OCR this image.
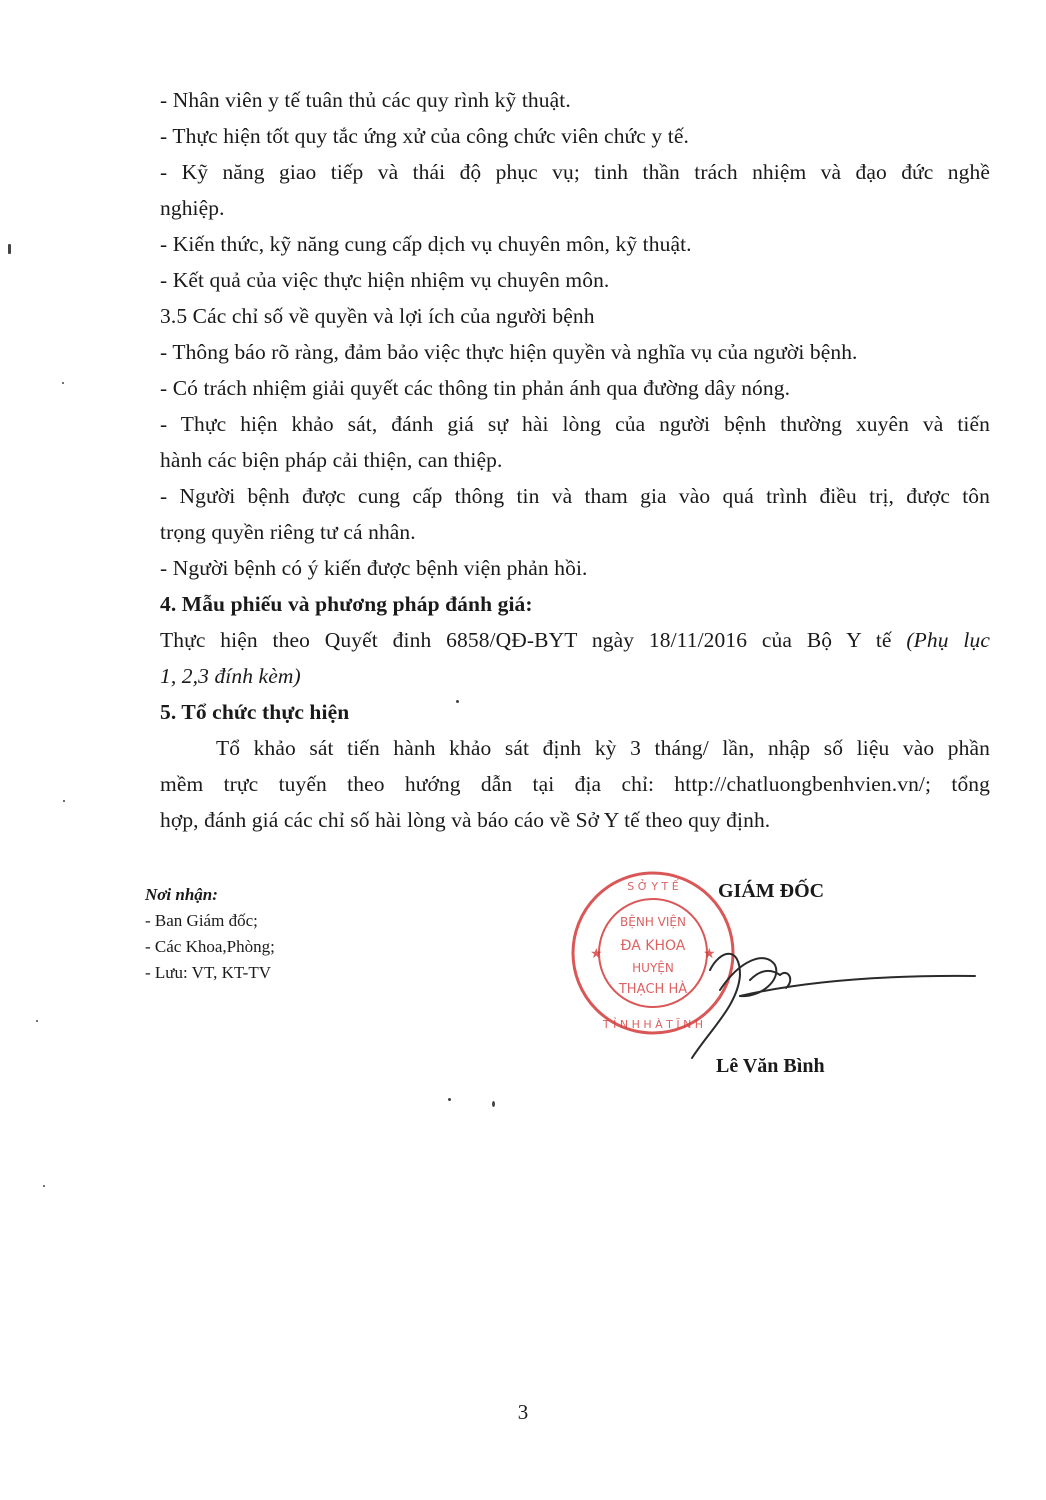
- Nhân viên y tế tuân thủ các quy rình kỹ thuật.
- Thực hiện tốt quy tắc ứng xử của công chức viên chức y tế.
- Kỹ năng giao tiếp và thái độ phục vụ; tinh thần trách nhiệm và đạo đức nghề
nghiệp.
- Kiến thức, kỹ năng cung cấp dịch vụ chuyên môn, kỹ thuật.
- Kết quả của việc thực hiện nhiệm vụ chuyên môn.
3.5 Các chỉ số về quyền và lợi ích của người bệnh
- Thông báo rõ ràng, đảm bảo việc thực hiện quyền và nghĩa vụ của người bệnh.
- Có trách nhiệm giải quyết các thông tin phản ánh qua đường dây nóng.
- Thực hiện khảo sát, đánh giá sự hài lòng của người bệnh thường xuyên và tiến
hành các biện pháp cải thiện, can thiệp.
- Người bệnh được cung cấp thông tin và tham gia vào quá trình điều trị, được tôn
trọng quyền riêng tư cá nhân.
- Người bệnh có ý kiến được bệnh viện phản hồi.
4. Mẫu phiếu và phương pháp đánh giá:
Thực hiện theo Quyết đinh 6858/QĐ-BYT ngày 18/11/2016 của Bộ Y tế (Phụ lục
1, 2,3 đính kèm)
5. Tổ chức thực hiện
Tổ khảo sát tiến hành khảo sát định kỳ 3 tháng/ lần, nhập số liệu vào phần
mềm trực tuyến theo hướng dẫn tại địa chỉ: http://chatluongbenhvien.vn/; tổng
hợp, đánh giá các chỉ số hài lòng và báo cáo về Sở Y tế theo quy định.
Nơi nhận:
- Ban Giám đốc;
- Các Khoa,Phòng;
- Lưu: VT, KT-TV
S Ở Y T Ế
T Ỉ N H H À T Ĩ N H
BỆNH VIỆN
ĐA KHOA
HUYỆN
THẠCH HÀ
★	★
GIÁM ĐỐC
Lê Văn Bình
3
